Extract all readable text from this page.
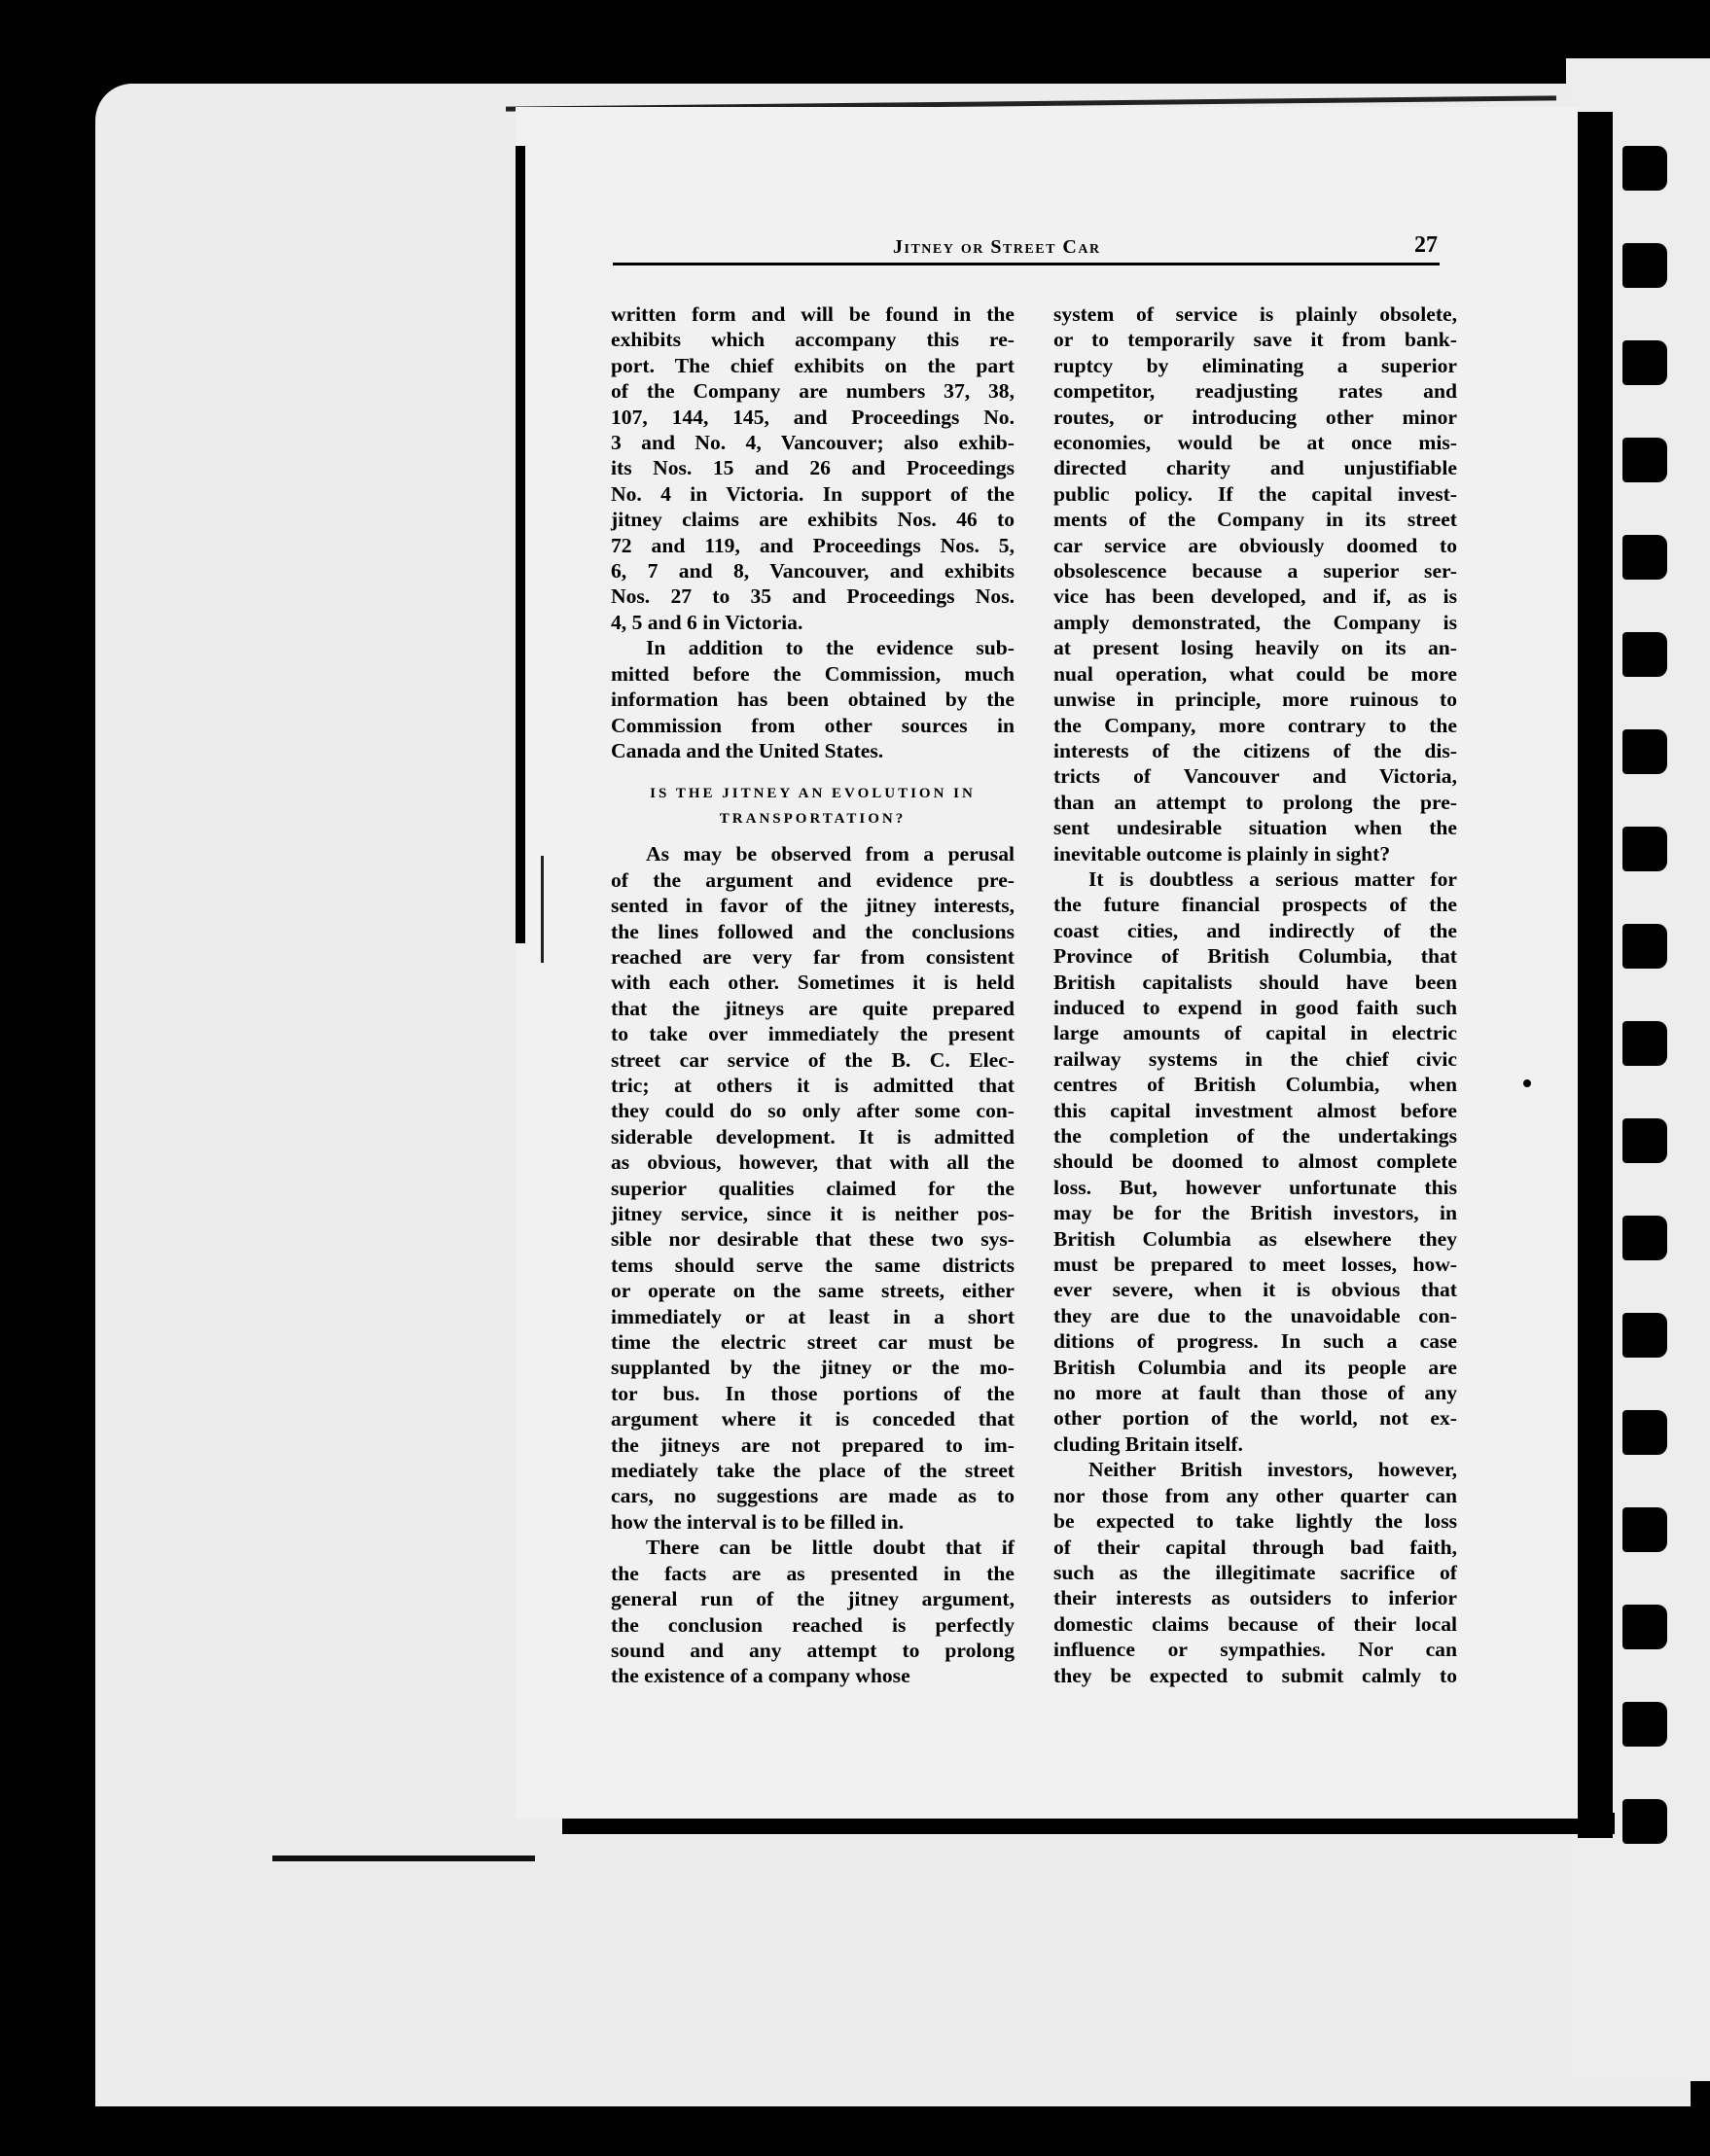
Jitney or Street Car	27
written form and will be found in the
exhibits which accompany this re-
port. The chief exhibits on the part
of the Company are numbers 37, 38,
107, 144, 145, and Proceedings No.
3 and No. 4, Vancouver; also exhib-
its Nos. 15 and 26 and Proceedings
No. 4 in Victoria. In support of the
jitney claims are exhibits Nos. 46 to
72 and 119, and Proceedings Nos. 5,
6, 7 and 8, Vancouver, and exhibits
Nos. 27 to 35 and Proceedings Nos.
4, 5 and 6 in Victoria.
In addition to the evidence sub-
mitted before the Commission, much
information has been obtained by the
Commission from other sources in
Canada and the United States.
IS THE JITNEY AN EVOLUTION IN
TRANSPORTATION?
As may be observed from a perusal
of the argument and evidence pre-
sented in favor of the jitney interests,
the lines followed and the conclusions
reached are very far from consistent
with each other. Sometimes it is held
that the jitneys are quite prepared
to take over immediately the present
street car service of the B. C. Elec-
tric; at others it is admitted that
they could do so only after some con-
siderable development. It is admitted
as obvious, however, that with all the
superior qualities claimed for the
jitney service, since it is neither pos-
sible nor desirable that these two sys-
tems should serve the same districts
or operate on the same streets, either
immediately or at least in a short
time the electric street car must be
supplanted by the jitney or the mo-
tor bus. In those portions of the
argument where it is conceded that
the jitneys are not prepared to im-
mediately take the place of the street
cars, no suggestions are made as to
how the interval is to be filled in.
There can be little doubt that if
the facts are as presented in the
general run of the jitney argument,
the conclusion reached is perfectly
sound and any attempt to prolong
the existence of a company whose
system of service is plainly obsolete,
or to temporarily save it from bank-
ruptcy by eliminating a superior
competitor, readjusting rates and
routes, or introducing other minor
economies, would be at once mis-
directed charity and unjustifiable
public policy. If the capital invest-
ments of the Company in its street
car service are obviously doomed to
obsolescence because a superior ser-
vice has been developed, and if, as is
amply demonstrated, the Company is
at present losing heavily on its an-
nual operation, what could be more
unwise in principle, more ruinous to
the Company, more contrary to the
interests of the citizens of the dis-
tricts of Vancouver and Victoria,
than an attempt to prolong the pre-
sent undesirable situation when the
inevitable outcome is plainly in sight?
It is doubtless a serious matter for
the future financial prospects of the
coast cities, and indirectly of the
Province of British Columbia, that
British capitalists should have been
induced to expend in good faith such
large amounts of capital in electric
railway systems in the chief civic
centres of British Columbia, when
this capital investment almost before
the completion of the undertakings
should be doomed to almost complete
loss. But, however unfortunate this
may be for the British investors, in
British Columbia as elsewhere they
must be prepared to meet losses, how-
ever severe, when it is obvious that
they are due to the unavoidable con-
ditions of progress. In such a case
British Columbia and its people are
no more at fault than those of any
other portion of the world, not ex-
cluding Britain itself.
Neither British investors, however,
nor those from any other quarter can
be expected to take lightly the loss
of their capital through bad faith,
such as the illegitimate sacrifice of
their interests as outsiders to inferior
domestic claims because of their local
influence or sympathies. Nor can
they be expected to submit calmly to
